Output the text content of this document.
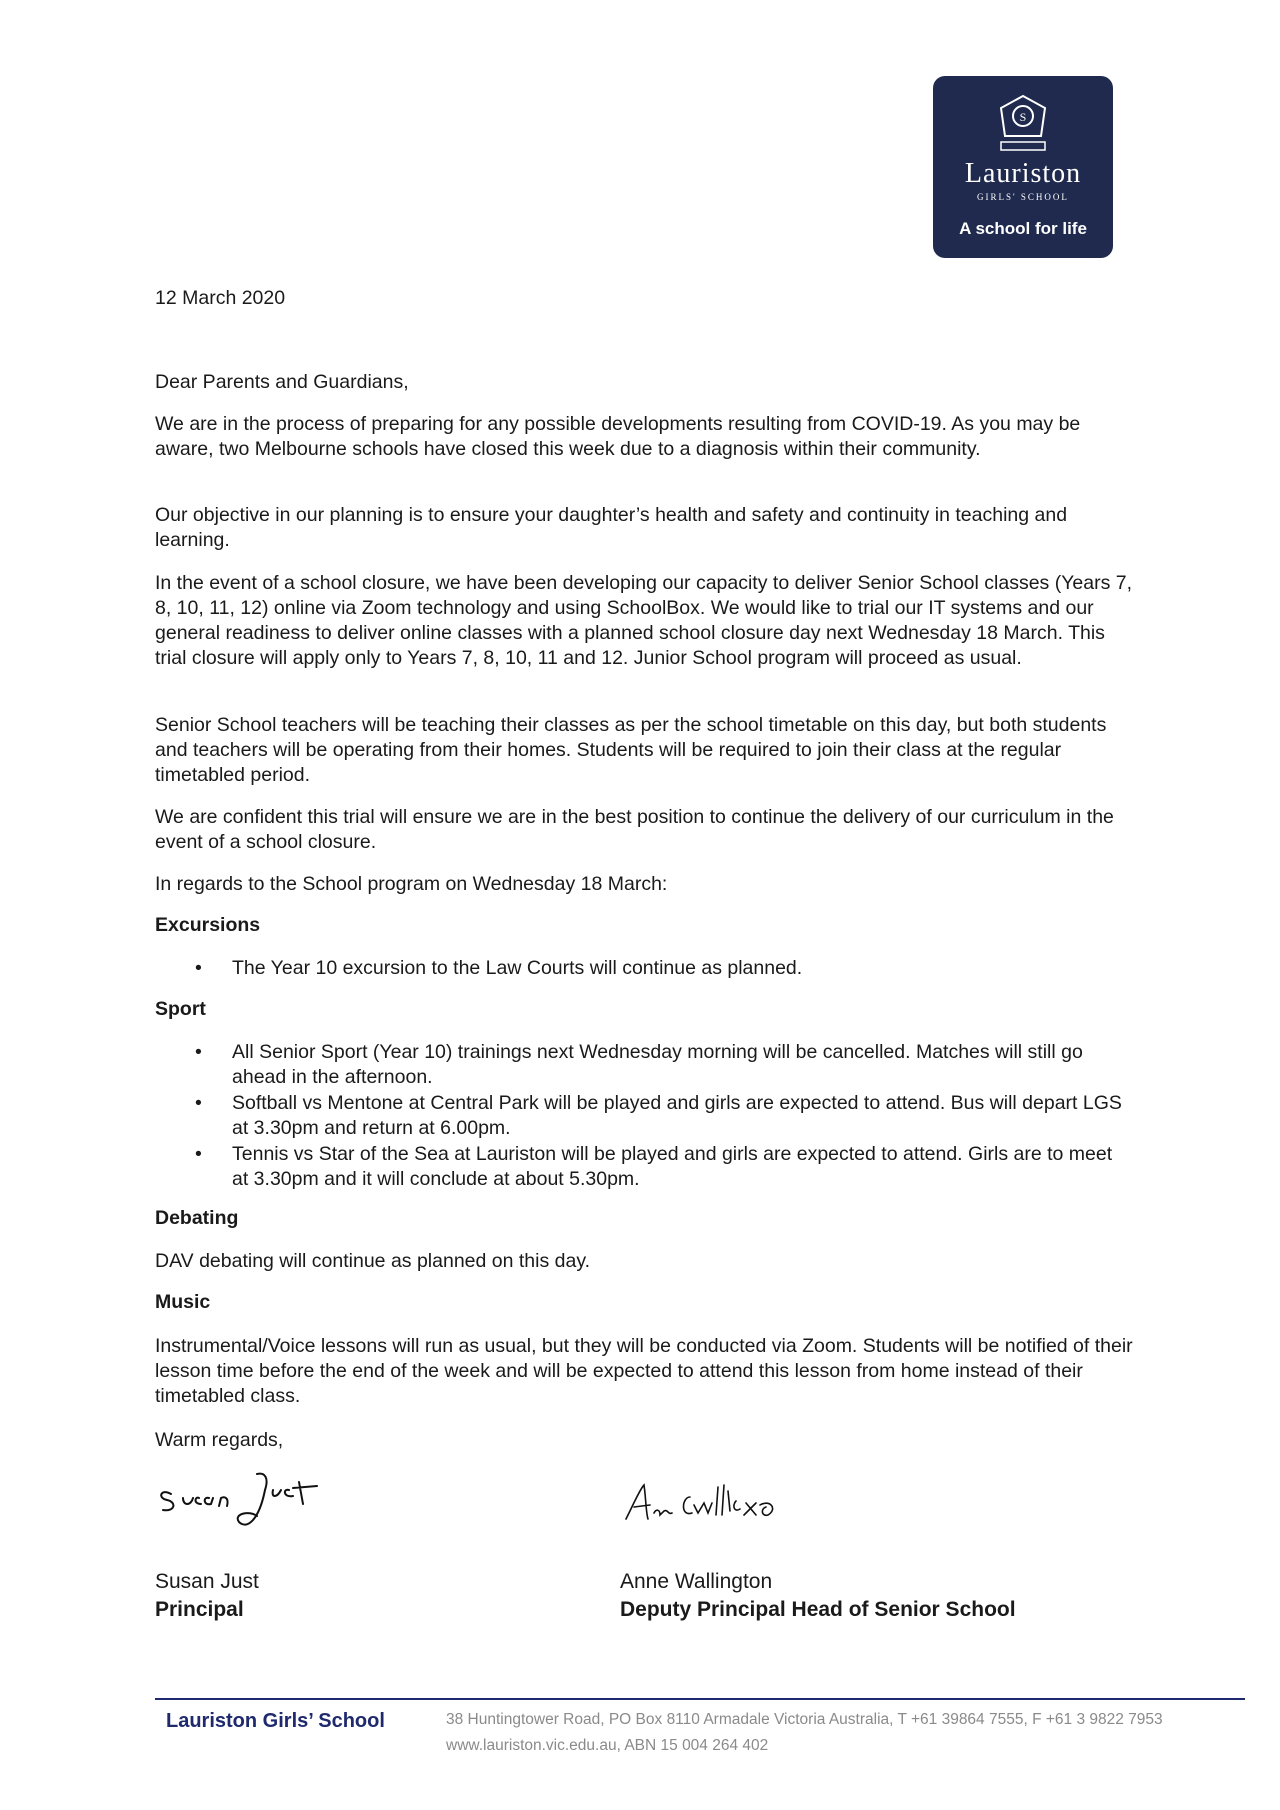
S
Lauriston
GIRLS' SCHOOL
A school for life

12 March 2020

Dear Parents and Guardians,

We are in the process of preparing for any possible developments resulting from COVID-19. As you may be aware, two Melbourne schools have closed this week due to a diagnosis within their community.

Our objective in our planning is to ensure your daughter’s health and safety and continuity in teaching and learning.

In the event of a school closure, we have been developing our capacity to deliver Senior School classes (Years 7, 8, 10, 11, 12) online via Zoom technology and using SchoolBox. We would like to trial our IT systems and our general readiness to deliver online classes with a planned school closure day next Wednesday 18 March. This trial closure will apply only to Years 7, 8, 10, 11 and 12. Junior School program will proceed as usual.

Senior School teachers will be teaching their classes as per the school timetable on this day, but both students and teachers will be operating from their homes. Students will be required to join their class at the regular timetabled period.

We are confident this trial will ensure we are in the best position to continue the delivery of our curriculum in the event of a school closure.

In regards to the School program on Wednesday 18 March:

Excursions

• The Year 10 excursion to the Law Courts will continue as planned.

Sport

• All Senior Sport (Year 10) trainings next Wednesday morning will be cancelled. Matches will still go ahead in the afternoon.
• Softball vs Mentone at Central Park will be played and girls are expected to attend. Bus will depart LGS at 3.30pm and return at 6.00pm.
• Tennis vs Star of the Sea at Lauriston will be played and girls are expected to attend. Girls are to meet at 3.30pm and it will conclude at about 5.30pm.

Debating

DAV debating will continue as planned on this day.

Music

Instrumental/Voice lessons will run as usual, but they will be conducted via Zoom. Students will be notified of their lesson time before the end of the week and will be expected to attend this lesson from home instead of their timetabled class.

Warm regards,

Susan Just
Principal
Anne Wallington
Deputy Principal Head of Senior School
Lauriston Girls’ School	38 Huntingtower Road, PO Box 8110 Armadale Victoria Australia, T +61 39864 7555, F +61 3 9822 7953
www.lauriston.vic.edu.au, ABN 15 004 264 402
